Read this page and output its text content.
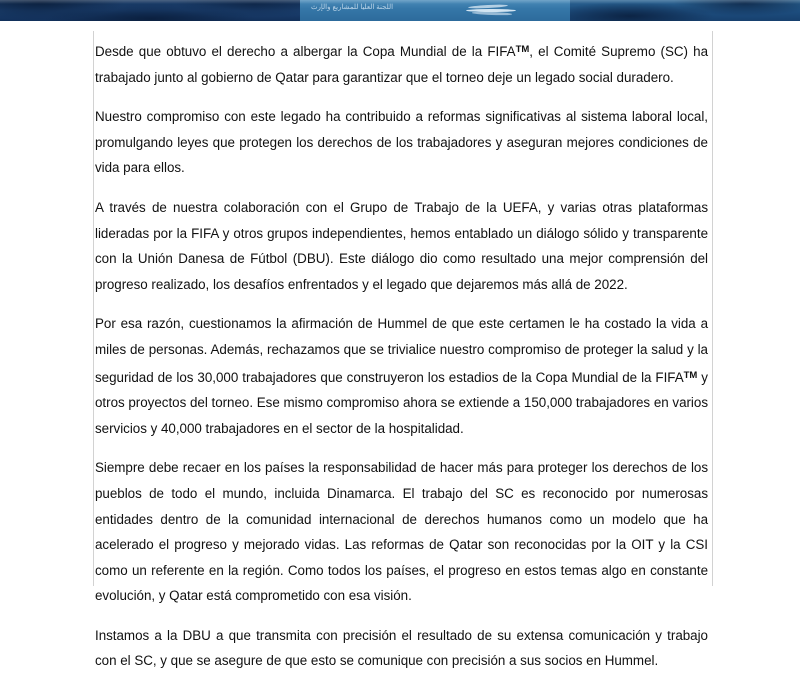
اللجنة العليا للمشاريع والإرث

Desde que obtuvo el derecho a albergar la Copa Mundial de la FIFA™, el Comité Supremo (SC) ha trabajado junto al gobierno de Qatar para garantizar que el torneo deje un legado social duradero.

Nuestro compromiso con este legado ha contribuido a reformas significativas al sistema laboral local, promulgando leyes que protegen los derechos de los trabajadores y aseguran mejores condiciones de vida para ellos.

A través de nuestra colaboración con el Grupo de Trabajo de la UEFA, y varias otras plataformas lideradas por la FIFA y otros grupos independientes, hemos entablado un diálogo sólido y transparente con la Unión Danesa de Fútbol (DBU). Este diálogo dio como resultado una mejor comprensión del progreso realizado, los desafíos enfrentados y el legado que dejaremos más allá de 2022.

Por esa razón, cuestionamos la afirmación de Hummel de que este certamen le ha costado la vida a miles de personas. Además, rechazamos que se trivialice nuestro compromiso de proteger la salud y la seguridad de los 30,000 trabajadores que construyeron los estadios de la Copa Mundial de la FIFA™ y otros proyectos del torneo. Ese mismo compromiso ahora se extiende a 150,000 trabajadores en varios servicios y 40,000 trabajadores en el sector de la hospitalidad.

Siempre debe recaer en los países la responsabilidad de hacer más para proteger los derechos de los pueblos de todo el mundo, incluida Dinamarca. El trabajo del SC es reconocido por numerosas entidades dentro de la comunidad internacional de derechos humanos como un modelo que ha acelerado el progreso y mejorado vidas. Las reformas de Qatar son reconocidas por la OIT y la CSI como un referente en la región. Como todos los países, el progreso en estos temas algo en constante evolución, y Qatar está comprometido con esa visión.

Instamos a la DBU a que transmita con precisión el resultado de su extensa comunicación y trabajo con el SC, y que se asegure de que esto se comunique con precisión a sus socios en Hummel.
